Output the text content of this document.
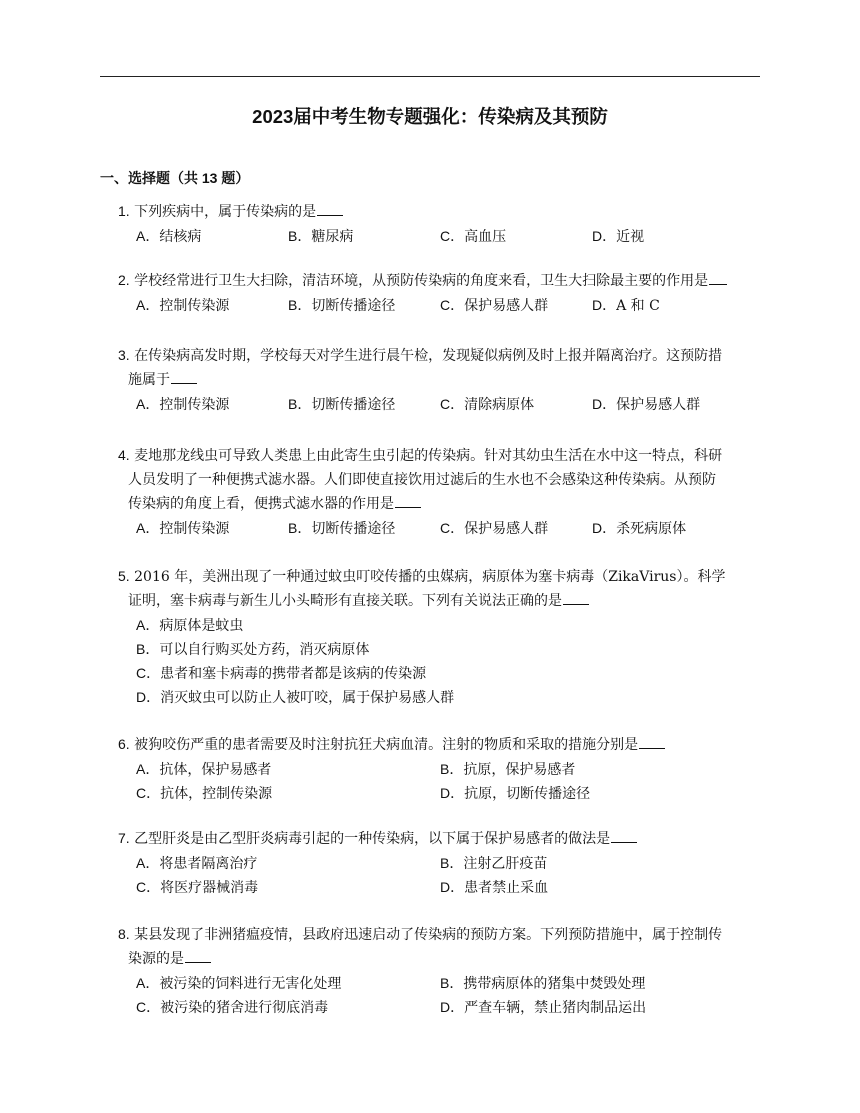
2023届中考生物专题强化：传染病及其预防
一、选择题（共 13 题）
1. 下列疾病中，属于传染病的是
A．结核病	B．糖尿病	C．高血压	D．近视
2. 学校经常进行卫生大扫除，清洁环境，从预防传染病的角度来看，卫生大扫除最主要的作用是
A．控制传染源	B．切断传播途径	C．保护易感人群	D．A 和 C
3. 在传染病高发时期，学校每天对学生进行晨午检，发现疑似病例及时上报并隔离治疗。这预防措
施属于
A．控制传染源	B．切断传播途径	C．清除病原体	D．保护易感人群
4. 麦地那龙线虫可导致人类患上由此寄生虫引起的传染病。针对其幼虫生活在水中这一特点，科研
人员发明了一种便携式滤水器。人们即使直接饮用过滤后的生水也不会感染这种传染病。从预防
传染病的角度上看，便携式滤水器的作用是
A．控制传染源	B．切断传播途径	C．保护易感人群	D．杀死病原体
5. 2016 年，美洲出现了一种通过蚊虫叮咬传播的虫媒病，病原体为塞卡病毒（ZikaVirus）。科学
证明，塞卡病毒与新生儿小头畸形有直接关联。下列有关说法正确的是
A．病原体是蚊虫
B．可以自行购买处方药，消灭病原体
C．患者和塞卡病毒的携带者都是该病的传染源
D．消灭蚊虫可以防止人被叮咬，属于保护易感人群
6. 被狗咬伤严重的患者需要及时注射抗狂犬病血清。注射的物质和采取的措施分别是
A．抗体，保护易感者	B．抗原，保护易感者
C．抗体，控制传染源	D．抗原，切断传播途径
7. 乙型肝炎是由乙型肝炎病毒引起的一种传染病，以下属于保护易感者的做法是
A．将患者隔离治疗	B．注射乙肝疫苗
C．将医疗器械消毒	D．患者禁止采血
8. 某县发现了非洲猪瘟疫情，县政府迅速启动了传染病的预防方案。下列预防措施中，属于控制传
染源的是
A．被污染的饲料进行无害化处理	B．携带病原体的猪集中焚毁处理
C．被污染的猪舍进行彻底消毒	D．严查车辆，禁止猪肉制品运出
